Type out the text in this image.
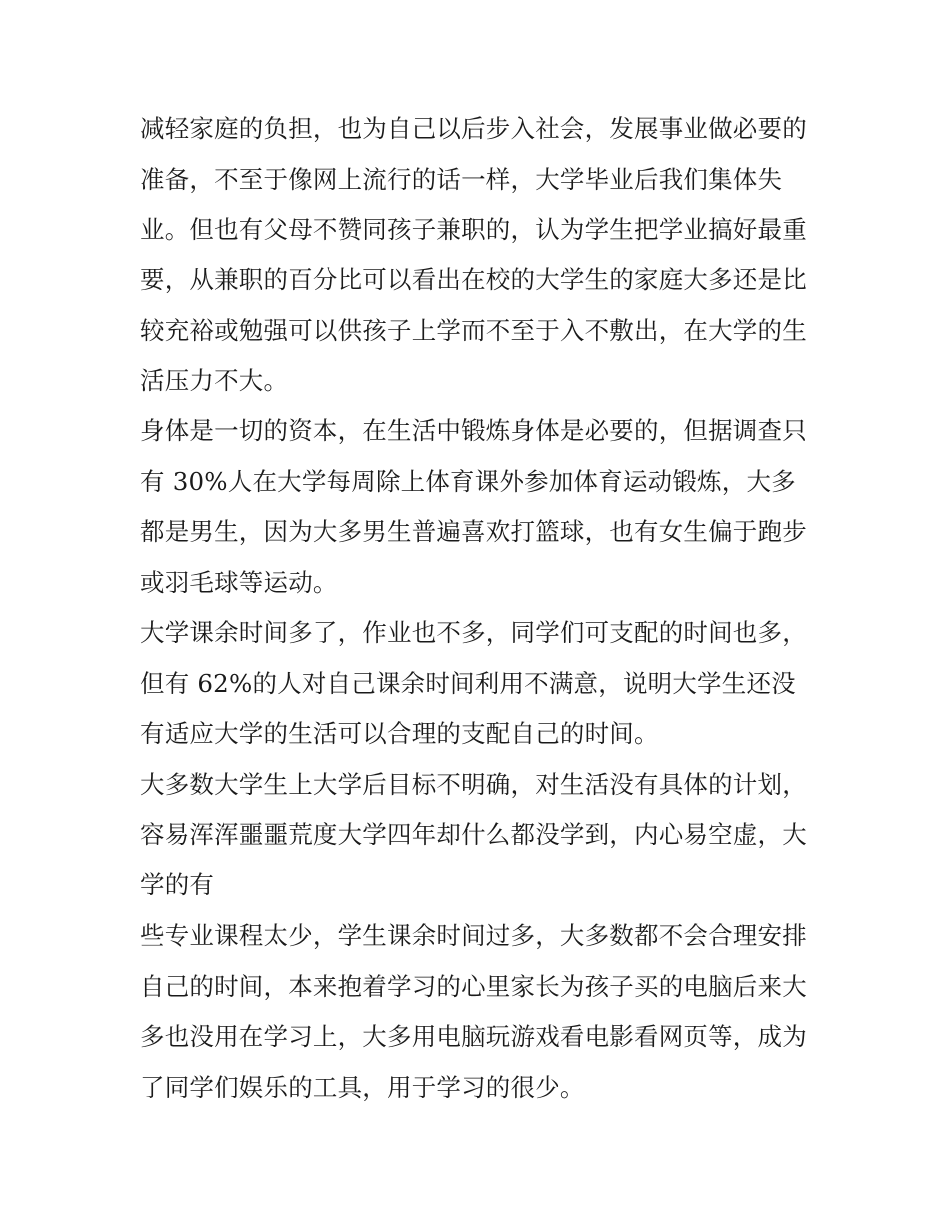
减轻家庭的负担，也为自己以后步入社会，发展事业做必要的
准备，不至于像网上流行的话一样，大学毕业后我们集体失
业。但也有父母不赞同孩子兼职的，认为学生把学业搞好最重
要，从兼职的百分比可以看出在校的大学生的家庭大多还是比
较充裕或勉强可以供孩子上学而不至于入不敷出，在大学的生
活压力不大。
身体是一切的资本，在生活中锻炼身体是必要的，但据调查只
有 30%人在大学每周除上体育课外参加体育运动锻炼，大多
都是男生，因为大多男生普遍喜欢打篮球，也有女生偏于跑步
或羽毛球等运动。
大学课余时间多了，作业也不多，同学们可支配的时间也多，
但有 62%的人对自己课余时间利用不满意，说明大学生还没
有适应大学的生活可以合理的支配自己的时间。
大多数大学生上大学后目标不明确，对生活没有具体的计划，
容易浑浑噩噩荒度大学四年却什么都没学到，内心易空虚，大
学的有
些专业课程太少，学生课余时间过多，大多数都不会合理安排
自己的时间，本来抱着学习的心里家长为孩子买的电脑后来大
多也没用在学习上，大多用电脑玩游戏看电影看网页等，成为
了同学们娱乐的工具，用于学习的很少。
